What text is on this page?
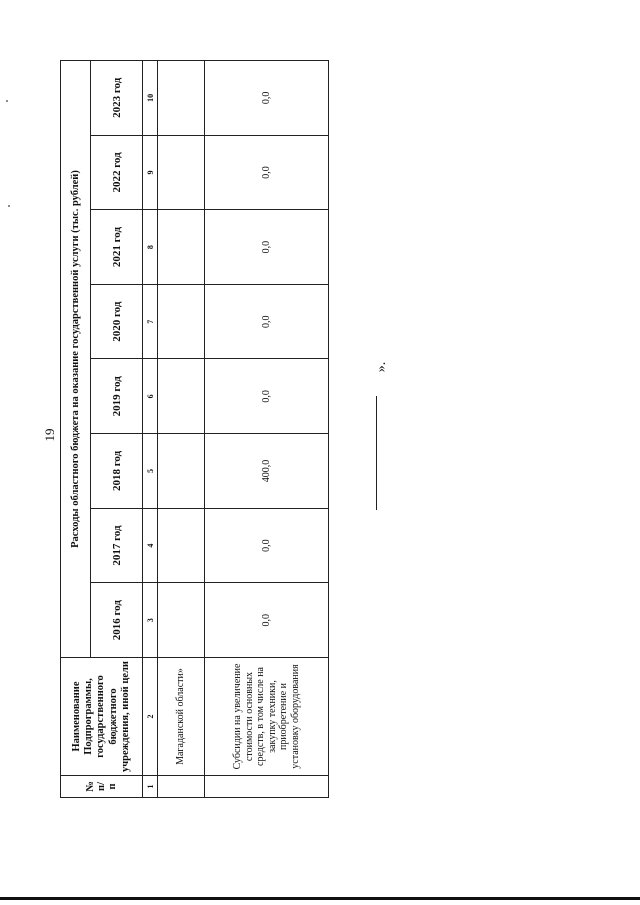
19
№ п/п	Наименование Подпрограммы, государственного бюджетного учреждения, иной цели	Расходы областного бюджета на оказание государственной услуги (тыс. рублей)							
		2016 год	2017 год	2018 год	2019 год	2020 год	2021 год	2022 год	2023 год
1	2	3	4	5	6	7	8	9	10
	Магаданской области»								
	Субсидии на увеличение стоимости основных средств, в том числе на закупку техники, приобретение и установку оборудования	0,0	0,0	400,0	0,0	0,0	0,0	0,0	0,0
».
